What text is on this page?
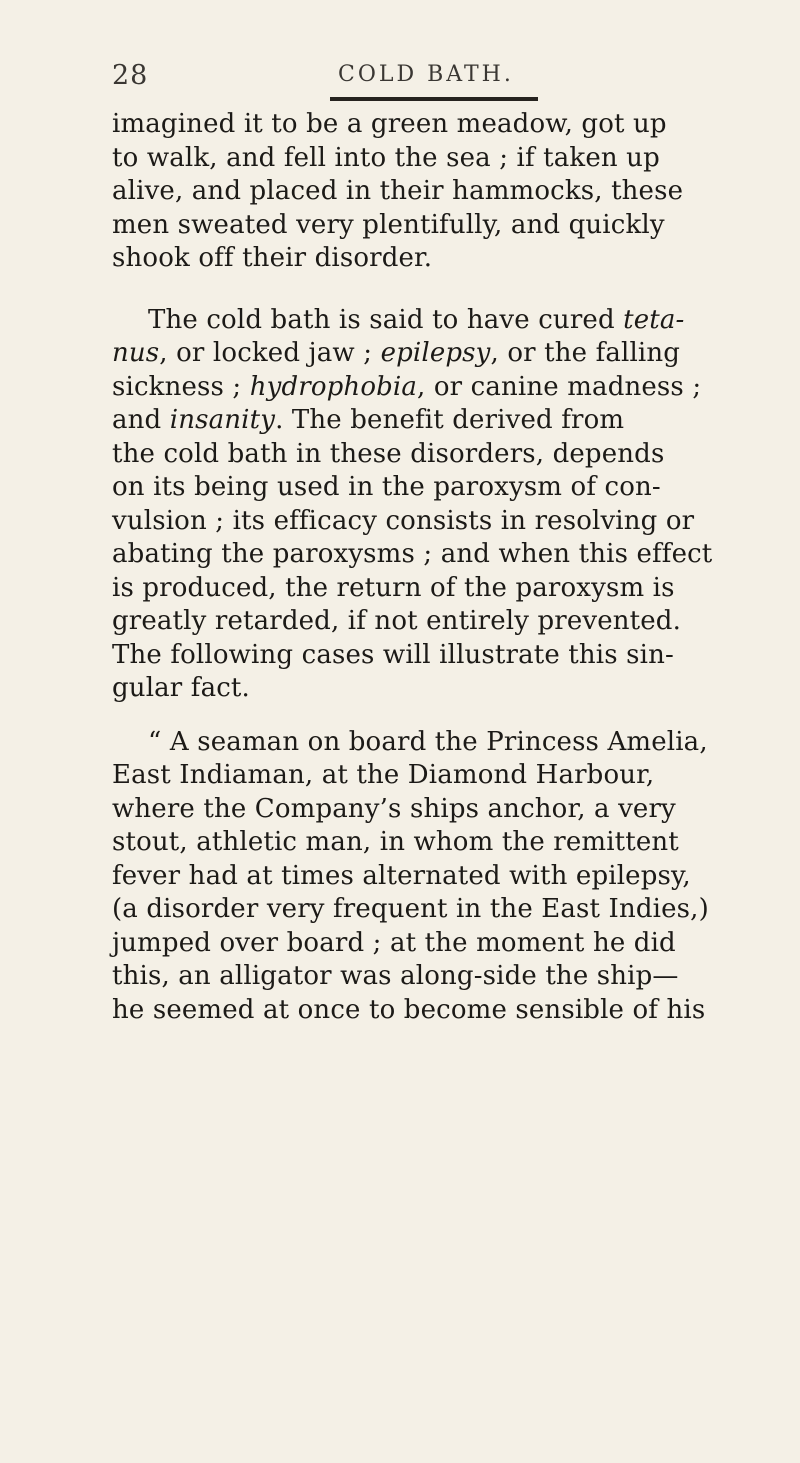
28	COLD BATH.

imagined it to be a green meadow, got up
to walk, and fell into the sea ; if taken up
alive, and placed in their hammocks, these
men sweated very plentifully, and quickly
shook off their disorder.

The cold bath is said to have cured teta-
nus, or locked jaw ; epilepsy, or the falling
sickness ; hydrophobia, or canine madness ;
and insanity. The benefit derived from
the cold bath in these disorders, depends
on its being used in the paroxysm of con-
vulsion ; its efficacy consists in resolving or
abating the paroxysms ; and when this effect
is produced, the return of the paroxysm is
greatly retarded, if not entirely prevented.
The following cases will illustrate this sin-
gular fact.

“ A seaman on board the Princess Amelia,
East Indiaman, at the Diamond Harbour,
where the Company’s ships anchor, a very
stout, athletic man, in whom the remittent
fever had at times alternated with epilepsy,
(a disorder very frequent in the East Indies,)
jumped over board ; at the moment he did
this, an alligator was along-side the ship—
he seemed at once to become sensible of his
